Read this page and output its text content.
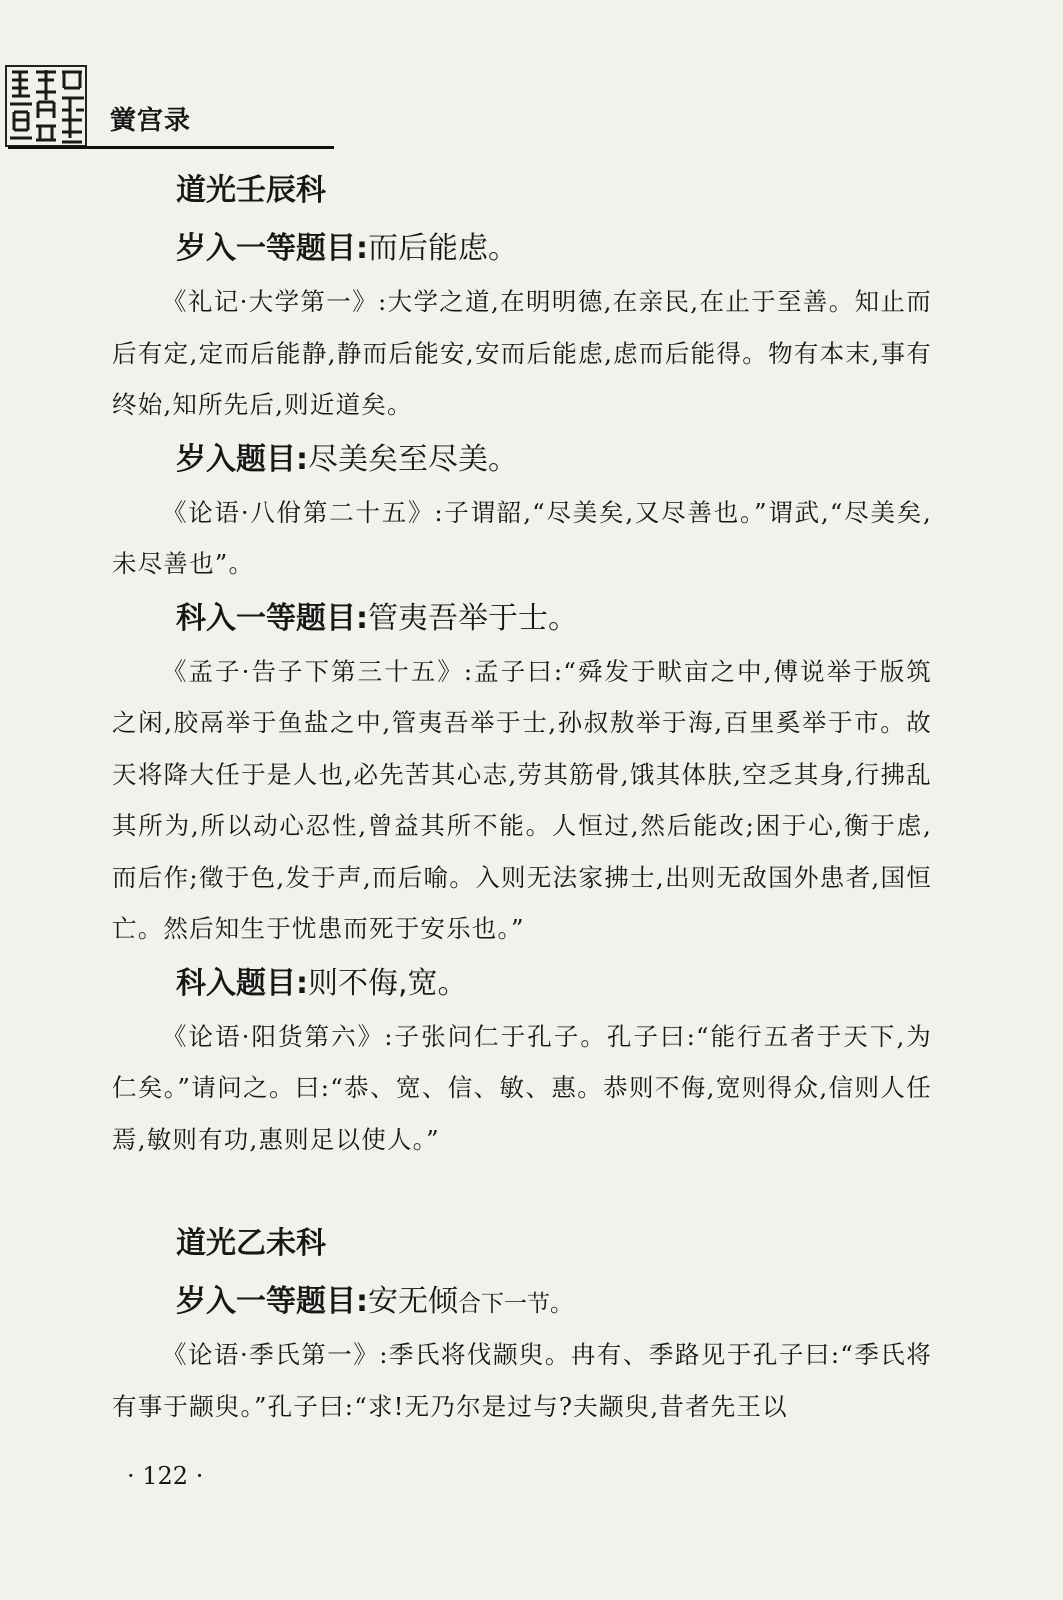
黉宫录
道光壬辰科
岁入一等题目:而后能虑。

《礼记·大学第一》:大学之道,在明明德,在亲民,在止于至善。知止而后有定,定而后能静,静而后能安,安而后能虑,虑而后能得。物有本末,事有终始,知所先后,则近道矣。

岁入题目:尽美矣至尽美。

《论语·八佾第二十五》:子谓韶,“尽美矣,又尽善也。”谓武,“尽美矣,未尽善也”。

科入一等题目:管夷吾举于士。

《孟子·告子下第三十五》:孟子曰:“舜发于畎亩之中,傅说举于版筑之闲,胶鬲举于鱼盐之中,管夷吾举于士,孙叔敖举于海,百里奚举于市。故天将降大任于是人也,必先苦其心志,劳其筋骨,饿其体肤,空乏其身,行拂乱其所为,所以动心忍性,曾益其所不能。人恒过,然后能改;困于心,衡于虑,而后作;徵于色,发于声,而后喻。入则无法家拂士,出则无敌国外患者,国恒亡。然后知生于忧患而死于安乐也。”

科入题目:则不侮,宽。

《论语·阳货第六》:子张问仁于孔子。孔子曰:“能行五者于天下,为仁矣。”请问之。曰:“恭、宽、信、敏、惠。恭则不侮,宽则得众,信则人任焉,敏则有功,惠则足以使人。”

道光乙未科
岁入一等题目:安无倾合下一节。

《论语·季氏第一》:季氏将伐颛臾。冉有、季路见于孔子曰:“季氏将有事于颛臾。”孔子曰:“求!无乃尔是过与?夫颛臾,昔者先王以

· 122 ·
